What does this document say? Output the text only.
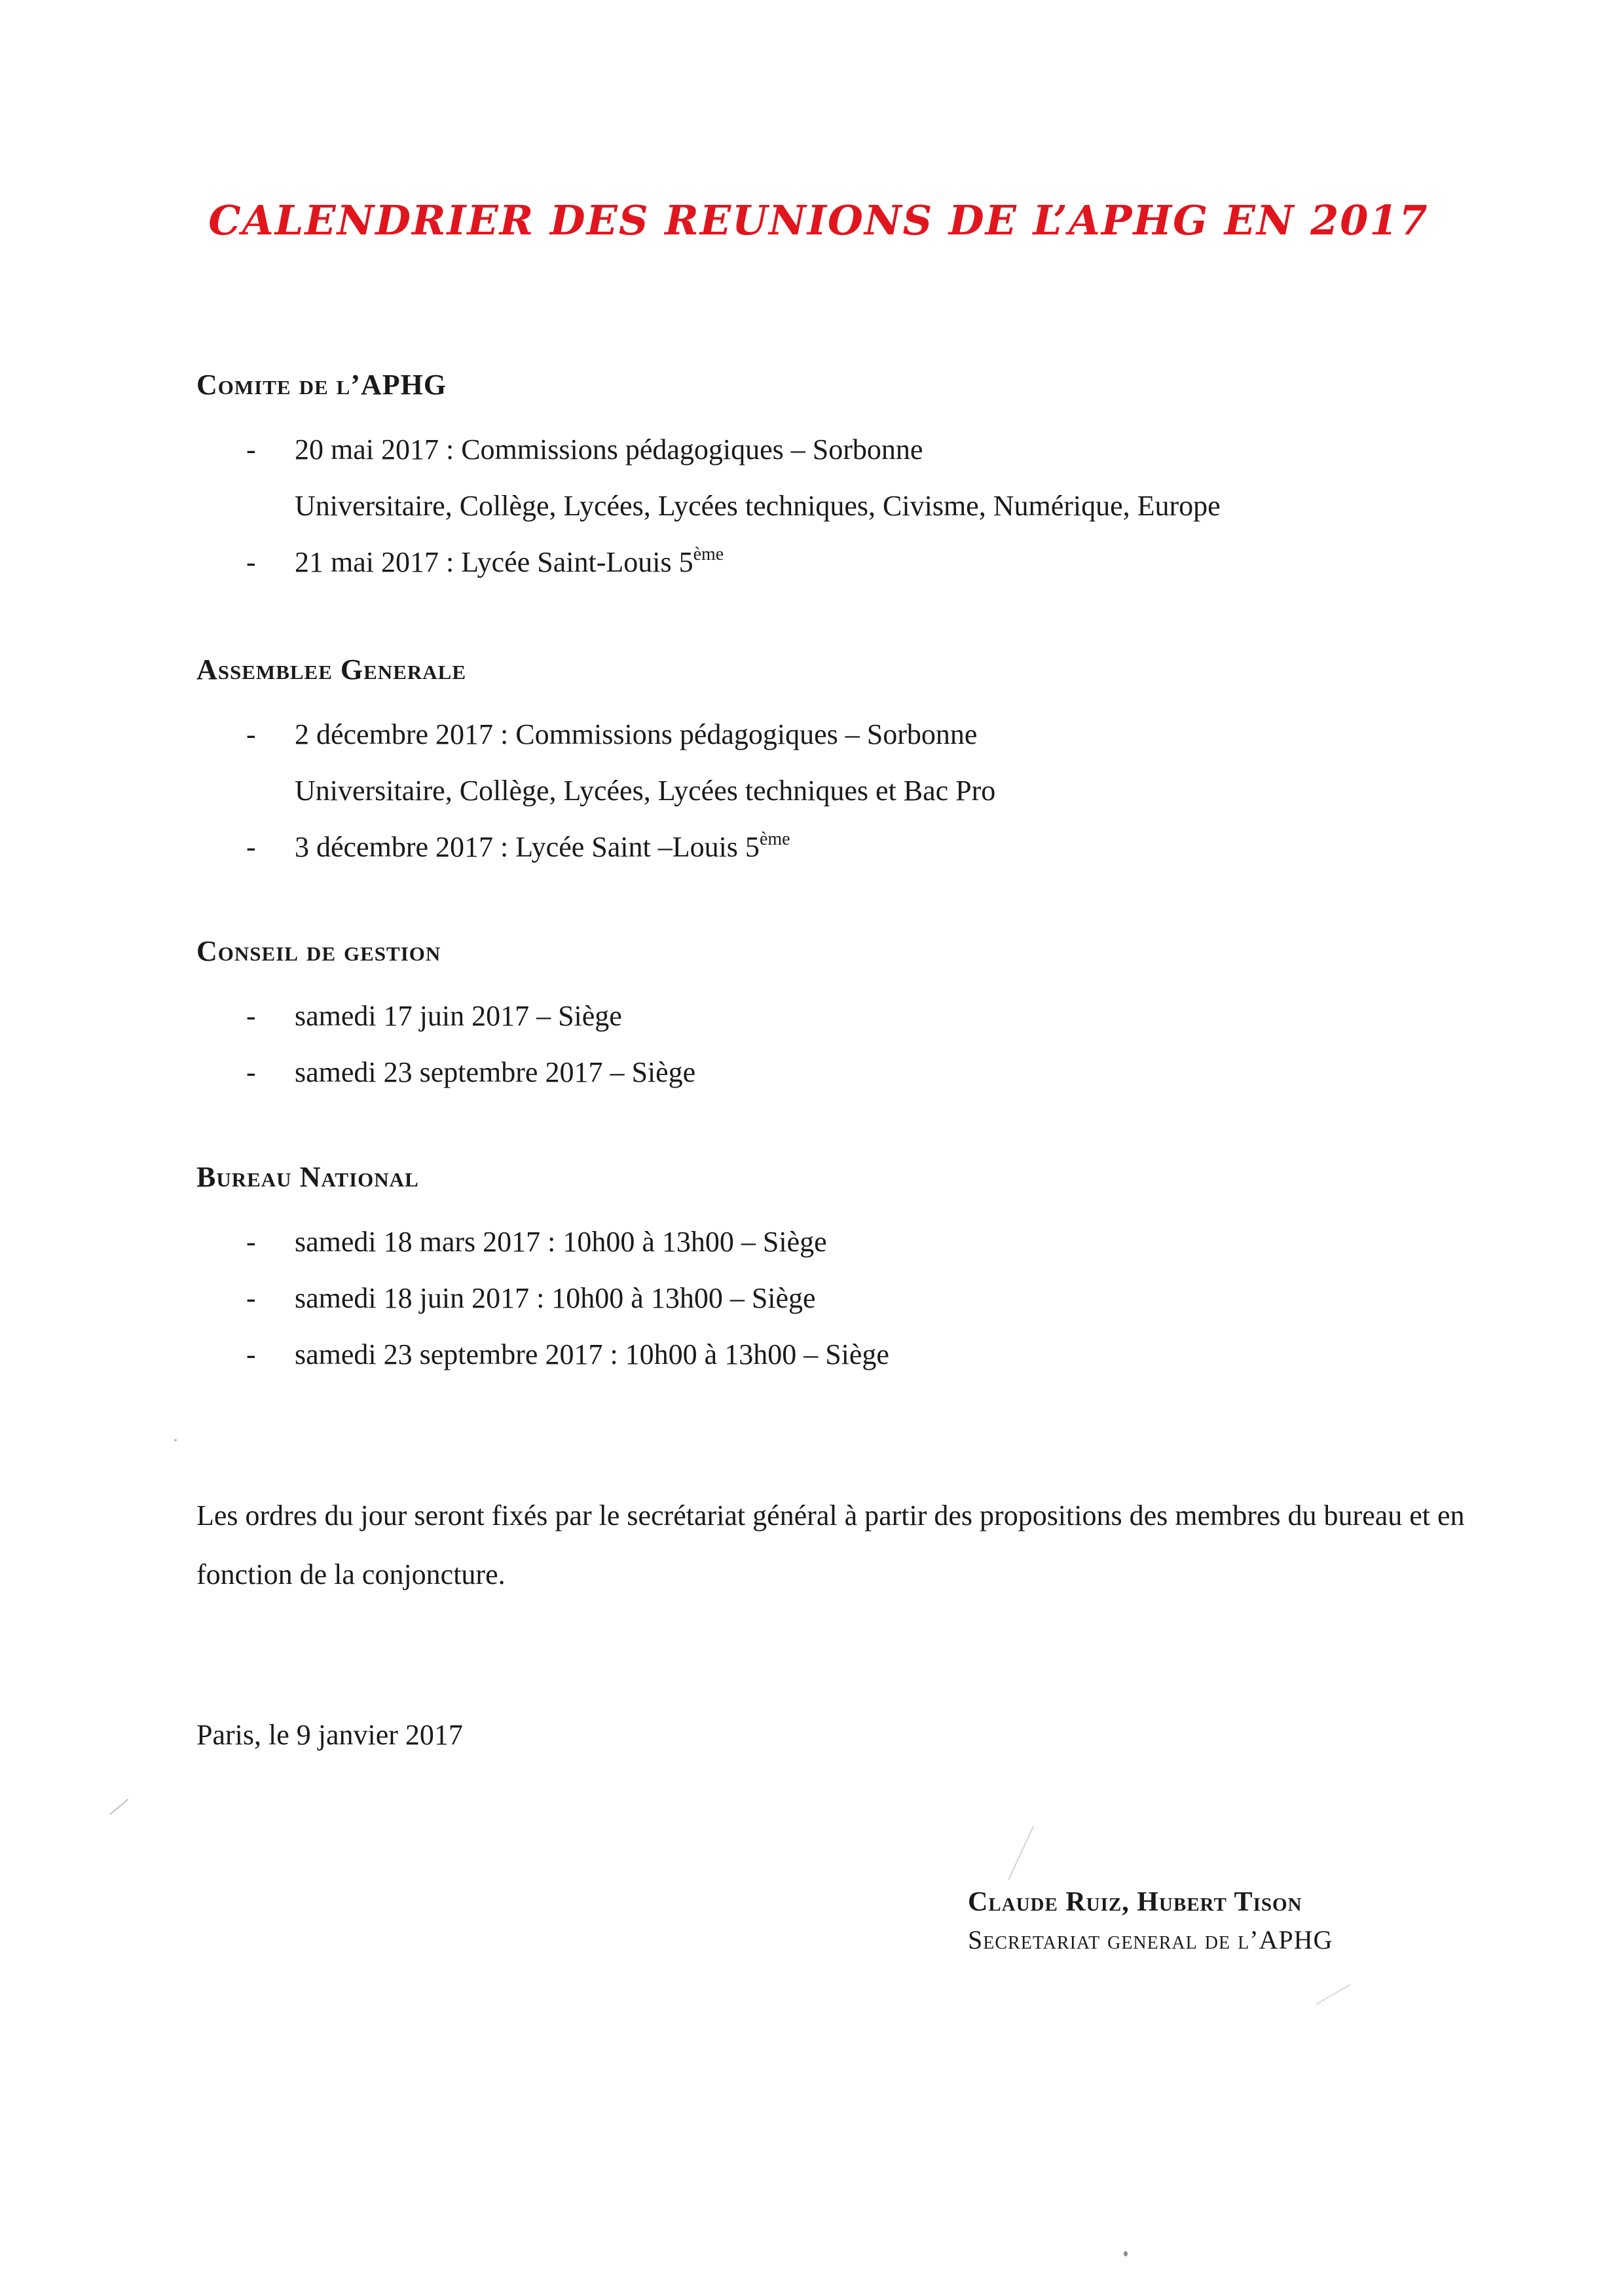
CALENDRIER DES REUNIONS DE L’APHG EN 2017
Comite de l’APHG
- 20 mai 2017 : Commissions pédagogiques – Sorbonne
Universitaire, Collège, Lycées, Lycées techniques, Civisme, Numérique, Europe
- 21 mai 2017 : Lycée Saint-Louis 5ème
Assemblee Generale
- 2 décembre 2017 : Commissions pédagogiques – Sorbonne
Universitaire, Collège, Lycées, Lycées techniques et Bac Pro
- 3 décembre 2017 : Lycée Saint –Louis 5ème
Conseil de gestion
- samedi 17 juin 2017 – Siège
- samedi 23 septembre 2017 – Siège
Bureau National
- samedi 18 mars 2017 : 10h00 à 13h00 – Siège
- samedi 18 juin 2017 : 10h00 à 13h00 – Siège
- samedi 23 septembre 2017 : 10h00 à 13h00 – Siège

Les ordres du jour seront fixés par le secrétariat général à partir des propositions des membres du bureau et en fonction de la conjoncture.

Paris, le 9 janvier 2017

Claude Ruiz, Hubert Tison
Secretariat general de l’APHG
